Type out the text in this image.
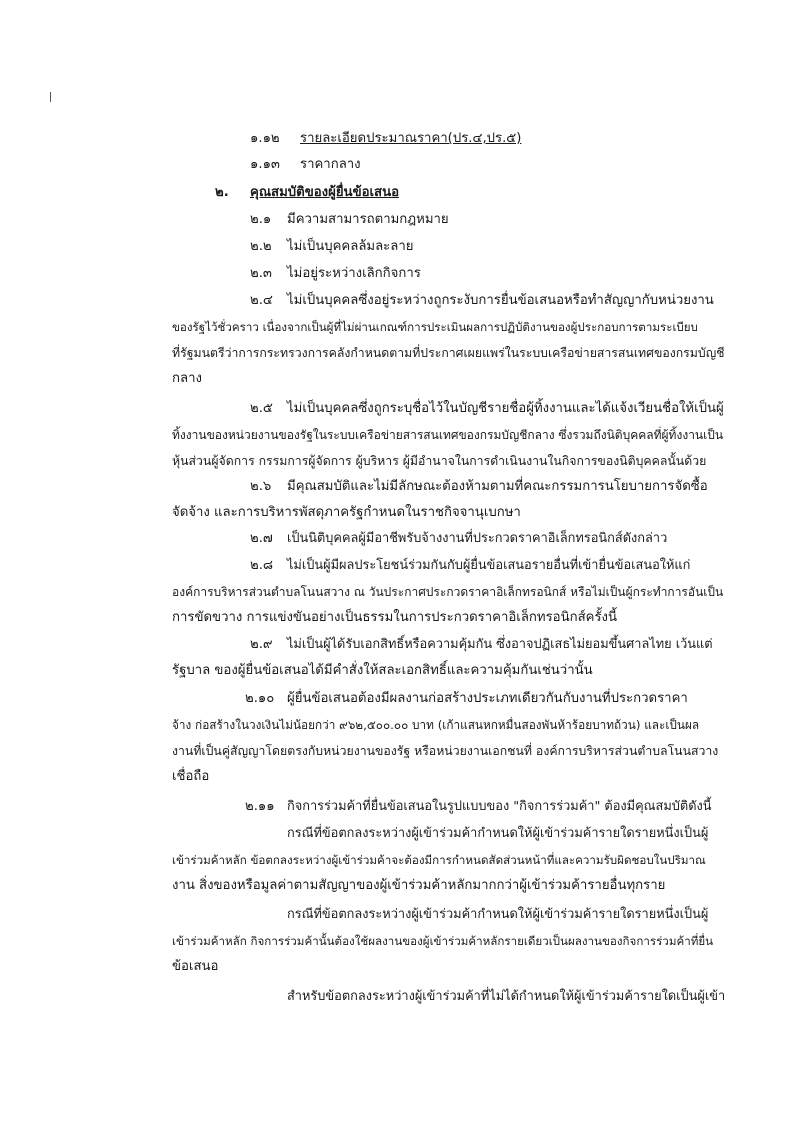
๑.๑๒ รายละเอียดประมาณราคา(ปร.๔,ปร.๕)
๑.๑๓ ราคากลาง
๒. คุณสมบัติของผู้ยื่นข้อเสนอ
๒.๑ มีความสามารถตามกฎหมาย
๒.๒ ไม่เป็นบุคคลล้มละลาย
๒.๓ ไม่อยู่ระหว่างเลิกกิจการ
๒.๔ ไม่เป็นบุคคลซึ่งอยู่ระหว่างถูกระงับการยื่นข้อเสนอหรือทำสัญญากับหน่วยงาน
ของรัฐไว้ชั่วคราว เนื่องจากเป็นผู้ที่ไม่ผ่านเกณฑ์การประเมินผลการปฏิบัติงานของผู้ประกอบการตามระเบียบ
ที่รัฐมนตรีว่าการกระทรวงการคลังกำหนดตามที่ประกาศเผยแพร่ในระบบเครือข่ายสารสนเทศของกรมบัญชี
กลาง
๒.๕ ไม่เป็นบุคคลซึ่งถูกระบุชื่อไว้ในบัญชีรายชื่อผู้ทิ้งงานและได้แจ้งเวียนชื่อให้เป็นผู้
ทิ้งงานของหน่วยงานของรัฐในระบบเครือข่ายสารสนเทศของกรมบัญชีกลาง ซึ่งรวมถึงนิติบุคคลที่ผู้ทิ้งงานเป็น
หุ้นส่วนผู้จัดการ กรรมการผู้จัดการ ผู้บริหาร ผู้มีอำนาจในการดำเนินงานในกิจการของนิติบุคคลนั้นด้วย
๒.๖ มีคุณสมบัติและไม่มีลักษณะต้องห้ามตามที่คณะกรรมการนโยบายการจัดซื้อ
จัดจ้าง และการบริหารพัสดุภาครัฐกำหนดในราชกิจจานุเบกษา
๒.๗ เป็นนิติบุคคลผู้มีอาชีพรับจ้างงานที่ประกวดราคาอิเล็กทรอนิกส์ดังกล่าว
๒.๘ ไม่เป็นผู้มีผลประโยชน์ร่วมกันกับผู้ยื่นข้อเสนอรายอื่นที่เข้ายื่นข้อเสนอให้แก่
องค์การบริหารส่วนตำบลโนนสวาง ณ วันประกาศประกวดราคาอิเล็กทรอนิกส์ หรือไม่เป็นผู้กระทำการอันเป็น
การขัดขวาง การแข่งขันอย่างเป็นธรรมในการประกวดราคาอิเล็กทรอนิกส์ครั้งนี้
๒.๙ ไม่เป็นผู้ได้รับเอกสิทธิ์หรือความคุ้มกัน ซึ่งอาจปฏิเสธไม่ยอมขึ้นศาลไทย เว้นแต่
รัฐบาล ของผู้ยื่นข้อเสนอได้มีคำสั่งให้สละเอกสิทธิ์และความคุ้มกันเช่นว่านั้น
๒.๑๐ ผู้ยื่นข้อเสนอต้องมีผลงานก่อสร้างประเภทเดียวกันกับงานที่ประกวดราคา
จ้าง ก่อสร้างในวงเงินไม่น้อยกว่า ๙๖๒,๕๐๐.๐๐ บาท (เก้าแสนหกหมื่นสองพันห้าร้อยบาทถ้วน) และเป็นผล
งานที่เป็นคู่สัญญาโดยตรงกับหน่วยงานของรัฐ หรือหน่วยงานเอกชนที่ องค์การบริหารส่วนตำบลโนนสวาง
เชื่อถือ
๒.๑๑ กิจการร่วมค้าที่ยื่นข้อเสนอในรูปแบบของ "กิจการร่วมค้า" ต้องมีคุณสมบัติดังนี้
กรณีที่ข้อตกลงระหว่างผู้เข้าร่วมค้ากำหนดให้ผู้เข้าร่วมค้ารายใดรายหนึ่งเป็นผู้
เข้าร่วมค้าหลัก ข้อตกลงระหว่างผู้เข้าร่วมค้าจะต้องมีการกำหนดสัดส่วนหน้าที่และความรับผิดชอบในปริมาณ
งาน สิ่งของหรือมูลค่าตามสัญญาของผู้เข้าร่วมค้าหลักมากกว่าผู้เข้าร่วมค้ารายอื่นทุกราย
กรณีที่ข้อตกลงระหว่างผู้เข้าร่วมค้ากำหนดให้ผู้เข้าร่วมค้ารายใดรายหนึ่งเป็นผู้
เข้าร่วมค้าหลัก กิจการร่วมค้านั้นต้องใช้ผลงานของผู้เข้าร่วมค้าหลักรายเดียวเป็นผลงานของกิจการร่วมค้าที่ยื่น
ข้อเสนอ
สำหรับข้อตกลงระหว่างผู้เข้าร่วมค้าที่ไม่ได้กำหนดให้ผู้เข้าร่วมค้ารายใดเป็นผู้เข้า
